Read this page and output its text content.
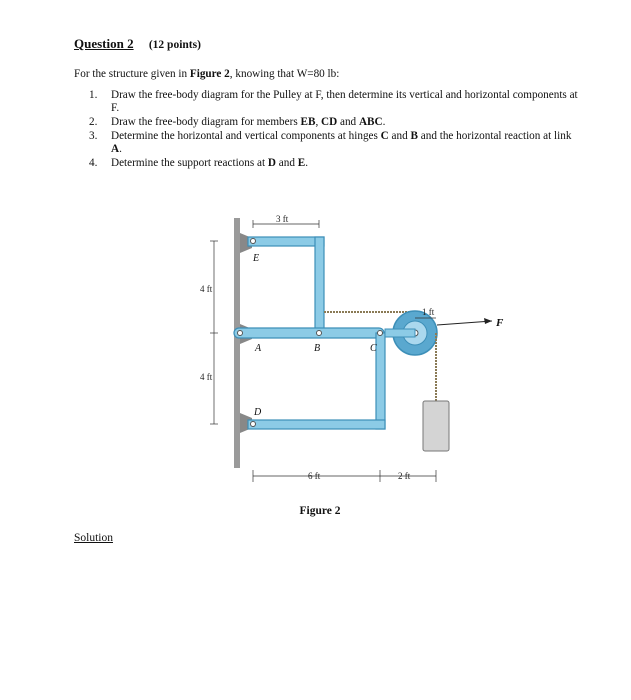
Question 2 (12 points)
For the structure given in Figure 2, knowing that W=80 lb:
1. Draw the free-body diagram for the Pulley at F, then determine its vertical and horizontal components at F.
2. Draw the free-body diagram for members EB, CD and ABC.
3. Determine the horizontal and vertical components at hinges C and B and the horizontal reaction at link A.
4. Determine the support reactions at D and E.
E
A	B	C
D
F
3 ft
4 ft
4 ft
6 ft	2 ft
1 ft
Figure 2
Solution
